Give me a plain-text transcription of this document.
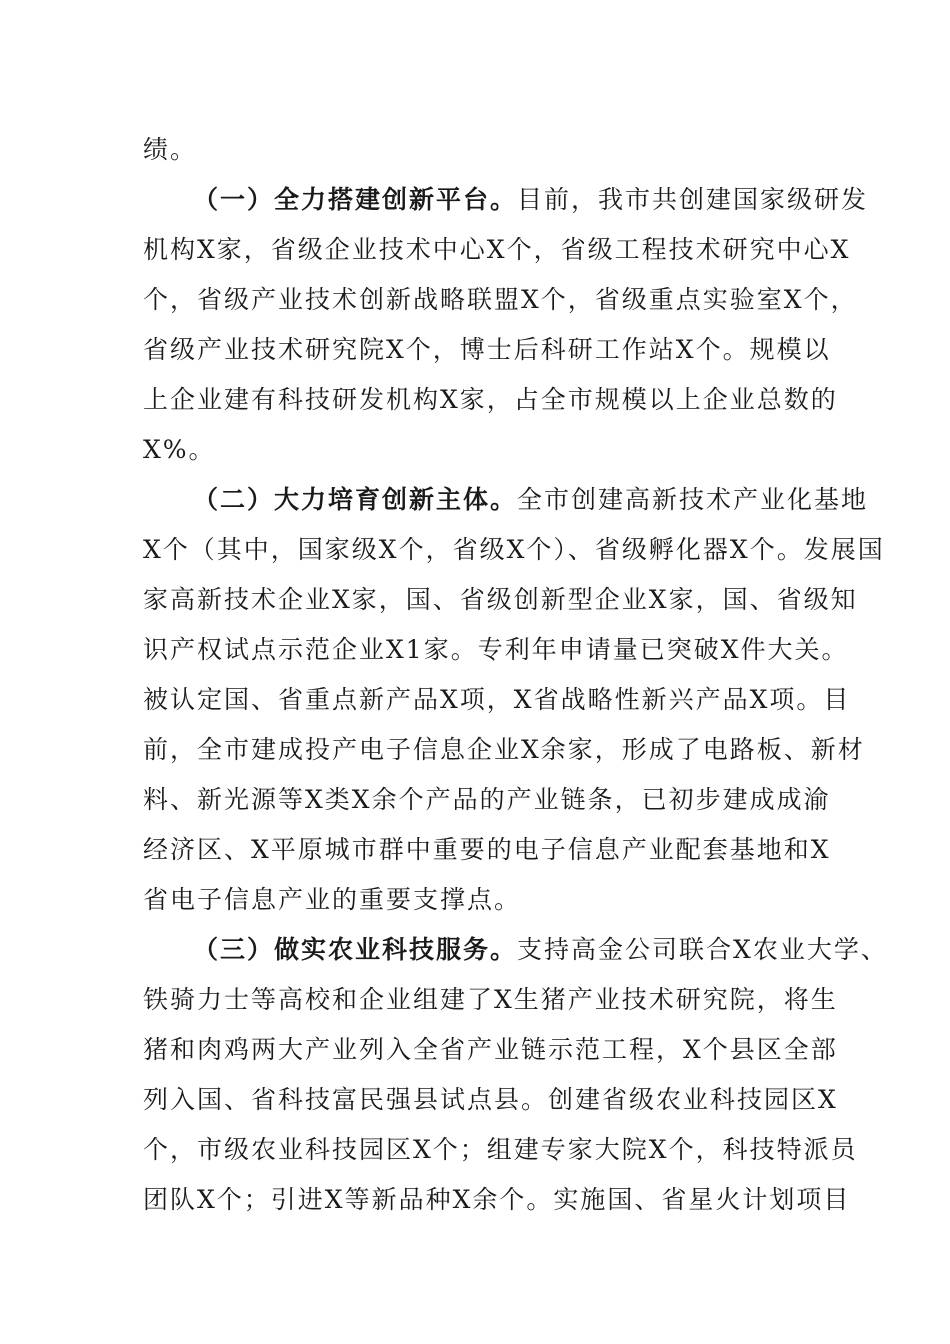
绩。
（一）全力搭建创新平台。目前，我市共创建国家级研发
机构X家，省级企业技术中心X个，省级工程技术研究中心X
个，省级产业技术创新战略联盟X个，省级重点实验室X个，
省级产业技术研究院X个，博士后科研工作站X个。规模以
上企业建有科技研发机构X家，占全市规模以上企业总数的
X%。
（二）大力培育创新主体。全市创建高新技术产业化基地
X个（其中，国家级X个，省级X个）、省级孵化器X个。发展国
家高新技术企业X家，国、省级创新型企业X家，国、省级知
识产权试点示范企业X1家。专利年申请量已突破X件大关。
被认定国、省重点新产品X项，X省战略性新兴产品X项。目
前，全市建成投产电子信息企业X余家，形成了电路板、新材
料、新光源等X类X余个产品的产业链条，已初步建成成渝
经济区、X平原城市群中重要的电子信息产业配套基地和X
省电子信息产业的重要支撑点。
（三）做实农业科技服务。支持高金公司联合X农业大学、
铁骑力士等高校和企业组建了X生猪产业技术研究院，将生
猪和肉鸡两大产业列入全省产业链示范工程，X个县区全部
列入国、省科技富民强县试点县。创建省级农业科技园区X
个，市级农业科技园区X个；组建专家大院X个，科技特派员
团队X个；引进X等新品种X余个。实施国、省星火计划项目
